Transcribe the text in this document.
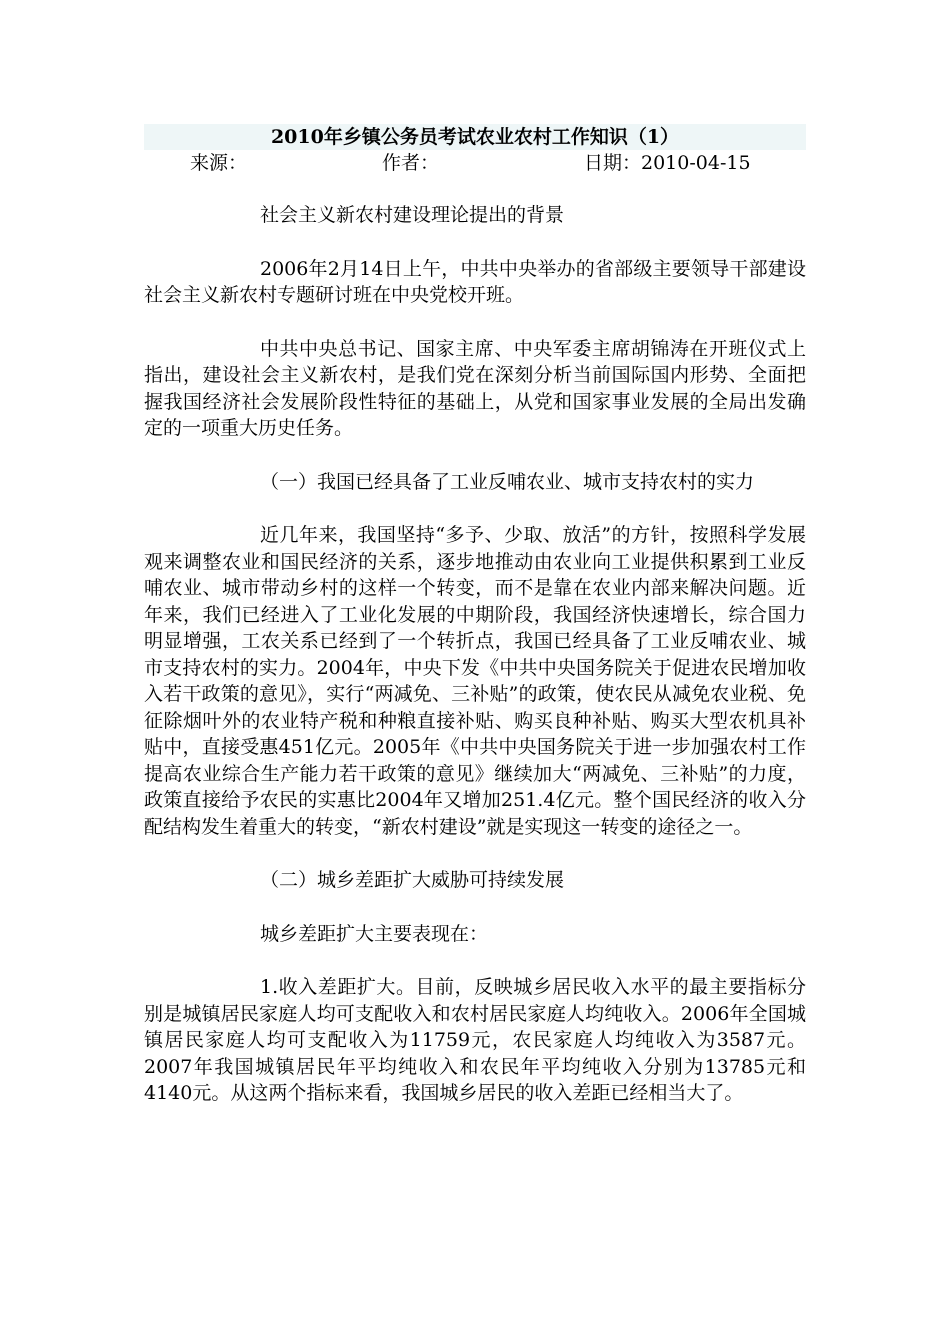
2010年乡镇公务员考试农业农村工作知识（1）
来源：	作者：	日期：2010-04-15

社会主义新农村建设理论提出的背景

2006年2月14日上午，中共中央举办的省部级主要领导干部建设社会主义新农村专题研讨班在中央党校开班。

中共中央总书记、国家主席、中央军委主席胡锦涛在开班仪式上指出，建设社会主义新农村，是我们党在深刻分析当前国际国内形势、全面把握我国经济社会发展阶段性特征的基础上，从党和国家事业发展的全局出发确定的一项重大历史任务。

（一）我国已经具备了工业反哺农业、城市支持农村的实力

近几年来，我国坚持“多予、少取、放活”的方针，按照科学发展观来调整农业和国民经济的关系，逐步地推动由农业向工业提供积累到工业反哺农业、城市带动乡村的这样一个转变，而不是靠在农业内部来解决问题。近年来，我们已经进入了工业化发展的中期阶段，我国经济快速增长，综合国力明显增强，工农关系已经到了一个转折点，我国已经具备了工业反哺农业、城市支持农村的实力。2004年，中央下发《中共中央国务院关于促进农民增加收入若干政策的意见》，实行“两减免、三补贴”的政策，使农民从减免农业税、免征除烟叶外的农业特产税和种粮直接补贴、购买良种补贴、购买大型农机具补贴中，直接受惠451亿元。2005年《中共中央国务院关于进一步加强农村工作提高农业综合生产能力若干政策的意见》继续加大“两减免、三补贴”的力度，政策直接给予农民的实惠比2004年又增加251.4亿元。整个国民经济的收入分配结构发生着重大的转变，“新农村建设”就是实现这一转变的途径之一。

（二）城乡差距扩大威胁可持续发展

城乡差距扩大主要表现在：

1.收入差距扩大。目前，反映城乡居民收入水平的最主要指标分别是城镇居民家庭人均可支配收入和农村居民家庭人均纯收入。2006年全国城镇居民家庭人均可支配收入为11759元，农民家庭人均纯收入为3587元。2007年我国城镇居民年平均纯收入和农民年平均纯收入分别为13785元和4140元。从这两个指标来看，我国城乡居民的收入差距已经相当大了。
